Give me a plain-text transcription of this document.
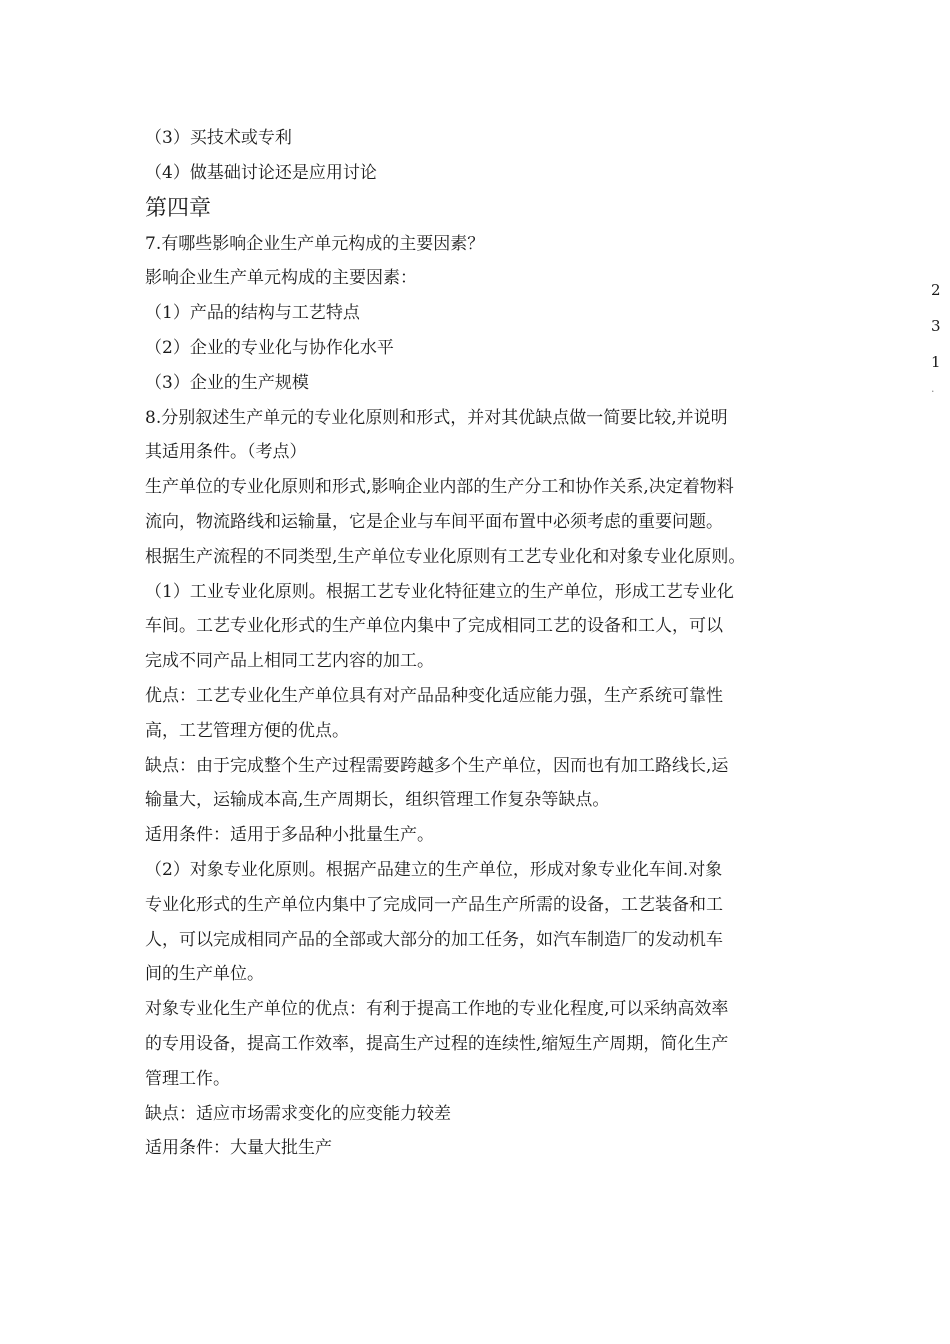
（3）买技术或专利
（4）做基础讨论还是应用讨论
第四章
7.有哪些影响企业生产单元构成的主要因素？
影响企业生产单元构成的主要因素：
（1）产品的结构与工艺特点
（2）企业的专业化与协作化水平
（3）企业的生产规模
8.分别叙述生产单元的专业化原则和形式，并对其优缺点做一简要比较,并说明
其适用条件。（考点）
生产单位的专业化原则和形式,影响企业内部的生产分工和协作关系,决定着物料
流向，物流路线和运输量，它是企业与车间平面布置中必须考虑的重要问题。
根据生产流程的不同类型,生产单位专业化原则有工艺专业化和对象专业化原则。
（1）工业专业化原则。根据工艺专业化特征建立的生产单位，形成工艺专业化
车间。工艺专业化形式的生产单位内集中了完成相同工艺的设备和工人，可以
完成不同产品上相同工艺内容的加工。
优点：工艺专业化生产单位具有对产品品种变化适应能力强，生产系统可靠性
高，工艺管理方便的优点。
缺点：由于完成整个生产过程需要跨越多个生产单位，因而也有加工路线长,运
输量大，运输成本高,生产周期长，组织管理工作复杂等缺点。
适用条件：适用于多品种小批量生产。
（2）对象专业化原则。根据产品建立的生产单位，形成对象专业化车间.对象
专业化形式的生产单位内集中了完成同一产品生产所需的设备，工艺装备和工
人，可以完成相同产品的全部或大部分的加工任务，如汽车制造厂的发动机车
间的生产单位。
对象专业化生产单位的优点：有利于提高工作地的专业化程度,可以采纳高效率
的专用设备，提高工作效率，提高生产过程的连续性,缩短生产周期，简化生产
管理工作。
缺点：适应市场需求变化的应变能力较差
适用条件：大量大批生产
2
3
1
·
